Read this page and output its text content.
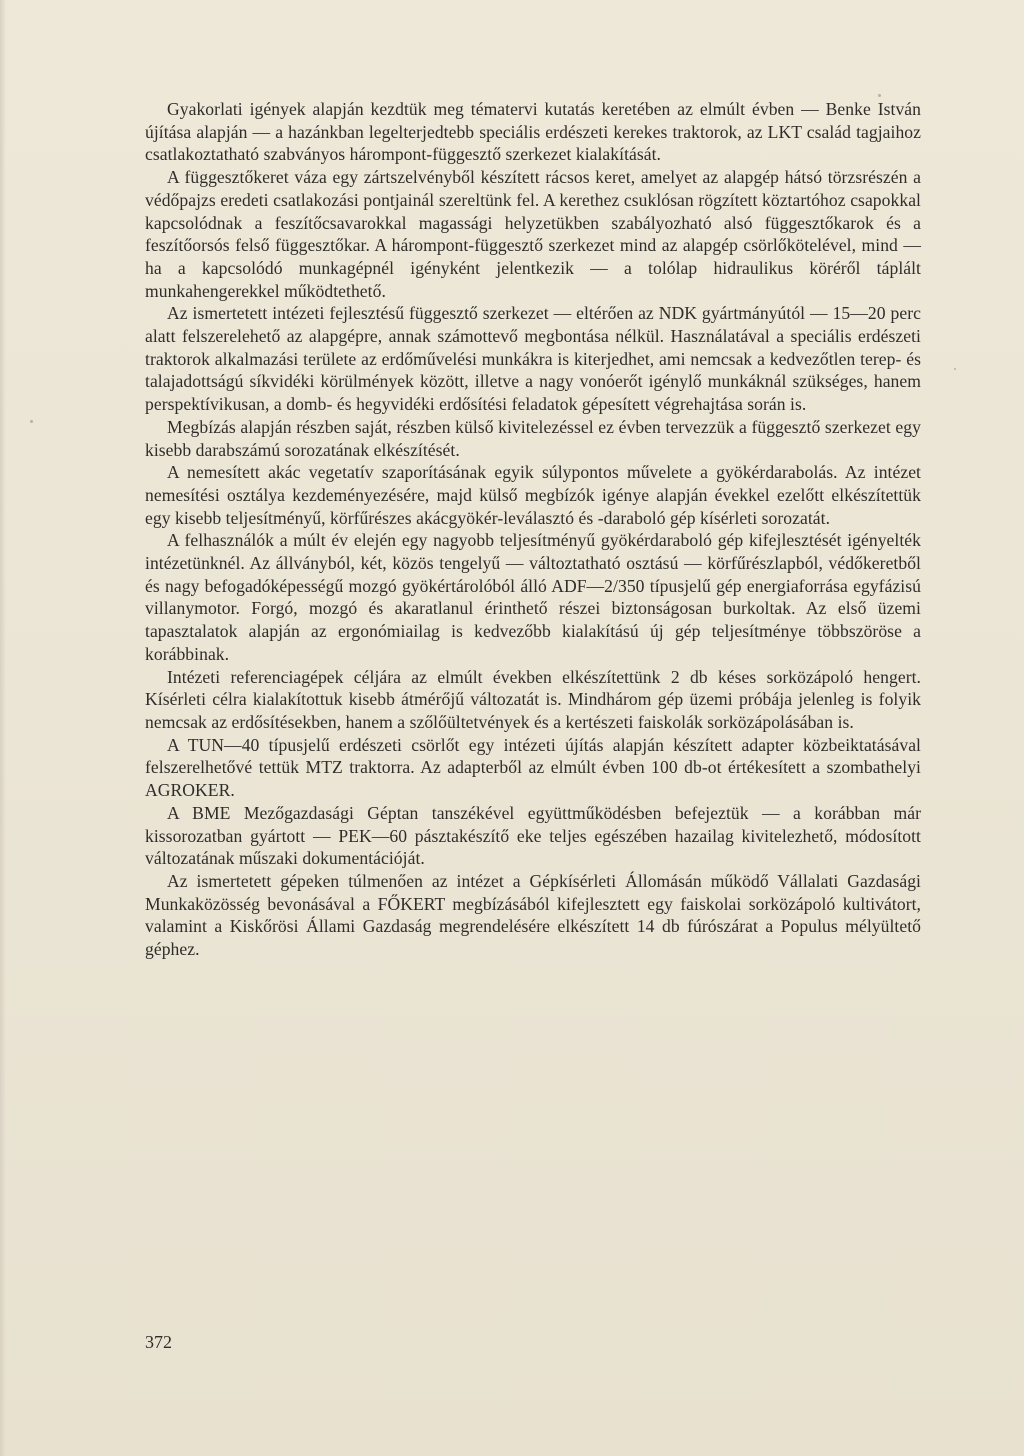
Gyakorlati igények alapján kezdtük meg tématervi kutatás keretében az elmúlt évben — Benke István újítása alapján — a hazánkban legelterjedtebb speciális erdészeti kerekes traktorok, az LKT család tagjaihoz csatlakoztatható szabványos hárompont-függesztő szerkezet kialakítását.

A függesztőkeret váza egy zártszelvényből készített rácsos keret, amelyet az alapgép hátsó törzsrészén a védőpajzs eredeti csatlakozási pontjainál szereltünk fel. A kerethez csuklósan rögzített köztartóhoz csapokkal kapcsolódnak a feszítőcsavarokkal magassági helyzetükben szabályozható alsó függesztőkarok és a feszítőorsós felső függesztőkar. A hárompont-függesztő szerkezet mind az alapgép csörlőkötelével, mind — ha a kapcsolódó munkagépnél igényként jelentkezik — a tolólap hidraulikus köréről táplált munkahengerekkel működtethető.

Az ismertetett intézeti fejlesztésű függesztő szerkezet — eltérően az NDK gyártmányútól — 15—20 perc alatt felszerelehető az alapgépre, annak számottevő megbontása nélkül. Használatával a speciális erdészeti traktorok alkalmazási területe az erdőművelési munkákra is kiterjedhet, ami nemcsak a kedvezőtlen terep- és talajadottságú síkvidéki körülmények között, illetve a nagy vonóerőt igénylő munkáknál szükséges, hanem perspektívikusan, a domb- és hegyvidéki erdősítési feladatok gépesített végrehajtása során is.

Megbízás alapján részben saját, részben külső kivitelezéssel ez évben tervezzük a függesztő szerkezet egy kisebb darabszámú sorozatának elkészítését.

A nemesített akác vegetatív szaporításának egyik súlypontos művelete a gyökérdarabolás. Az intézet nemesítési osztálya kezdeményezésére, majd külső megbízók igénye alapján évekkel ezelőtt elkészítettük egy kisebb teljesítményű, körfűrészes akácgyökér-leválasztó és -daraboló gép kísérleti sorozatát.

A felhasználók a múlt év elején egy nagyobb teljesítményű gyökérdaraboló gép kifejlesztését igényelték intézetünknél. Az állványból, két, közös tengelyű — változtatható osztású — körfűrészlapból, védőkeretből és nagy befogadóképességű mozgó gyökértárolóból álló ADF—2/350 típusjelű gép energiaforrása egyfázisú villanymotor. Forgó, mozgó és akaratlanul érinthető részei biztonságosan burkoltak. Az első üzemi tapasztalatok alapján az ergonómiailag is kedvezőbb kialakítású új gép teljesítménye többszöröse a korábbinak.

Intézeti referenciagépek céljára az elmúlt években elkészítettünk 2 db késes sorközápoló hengert. Kísérleti célra kialakítottuk kisebb átmérőjű változatát is. Mindhárom gép üzemi próbája jelenleg is folyik nemcsak az erdősítésekben, hanem a szőlőültetvények és a kertészeti faiskolák sorközápolásában is.

A TUN—40 típusjelű erdészeti csörlőt egy intézeti újítás alapján készített adapter közbeiktatásával felszerelhetővé tettük MTZ traktorra. Az adapterből az elmúlt évben 100 db-ot értékesített a szombathelyi AGROKER.

A BME Mezőgazdasági Géptan tanszékével együttműködésben befejeztük — a korábban már kissorozatban gyártott — PEK—60 pásztakészítő eke teljes egészében hazailag kivitelezhető, módosított változatának műszaki dokumentációját.

Az ismertetett gépeken túlmenően az intézet a Gépkísérleti Állomásán működő Vállalati Gazdasági Munkaközösség bevonásával a FŐKERT megbízásából kifejlesztett egy faiskolai sorközápoló kultivátort, valamint a Kiskőrösi Állami Gazdaság megrendelésére elkészített 14 db fúrószárat a Populus mélyültető géphez.

372
